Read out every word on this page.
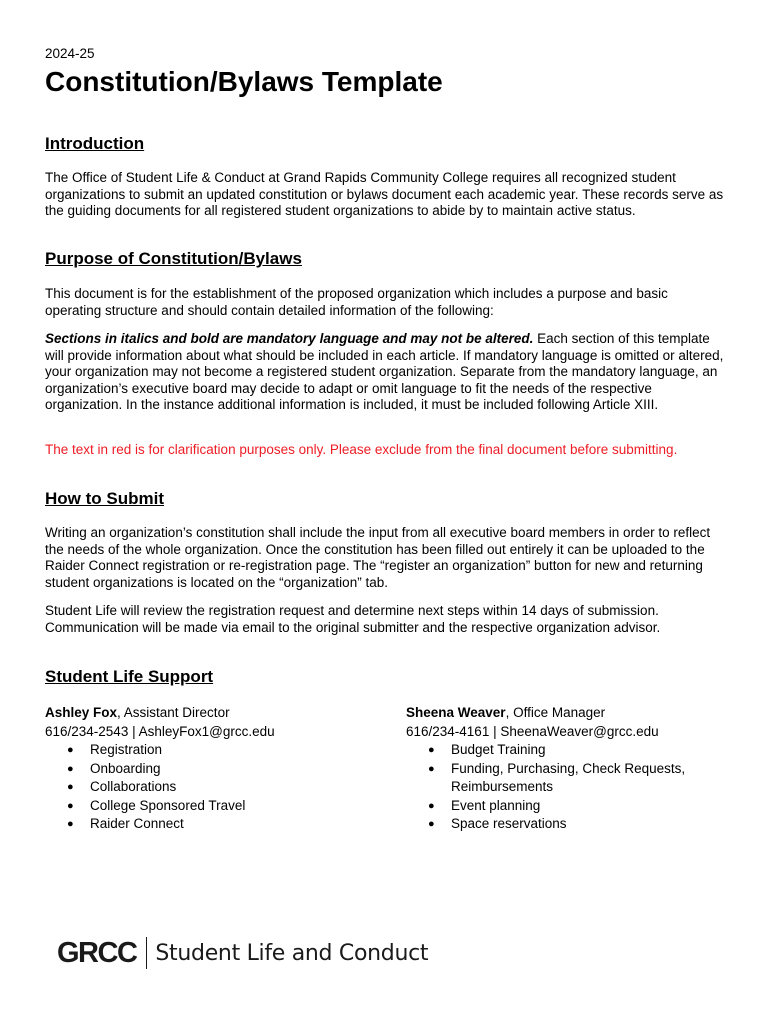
2024-25
Constitution/Bylaws Template
Introduction

The Office of Student Life & Conduct at Grand Rapids Community College requires all recognized student organizations to submit an updated constitution or bylaws document each academic year. These records serve as the guiding documents for all registered student organizations to abide by to maintain active status.

Purpose of Constitution/Bylaws

This document is for the establishment of the proposed organization which includes a purpose and basic operating structure and should contain detailed information of the following:

Sections in italics and bold are mandatory language and may not be altered. Each section of this template will provide information about what should be included in each article. If mandatory language is omitted or altered, your organization may not become a registered student organization. Separate from the mandatory language, an organization’s executive board may decide to adapt or omit language to fit the needs of the respective organization. In the instance additional information is included, it must be included following Article XIII.

The text in red is for clarification purposes only. Please exclude from the final document before submitting.

How to Submit

Writing an organization’s constitution shall include the input from all executive board members in order to reflect the needs of the whole organization. Once the constitution has been filled out entirely it can be uploaded to the Raider Connect registration or re-registration page. The “register an organization” button for new and returning student organizations is located on the “organization” tab.

Student Life will review the registration request and determine next steps within 14 days of submission. Communication will be made via email to the original submitter and the respective organization advisor.

Student Life Support
Ashley Fox, Assistant Director
616/234-2543 | AshleyFox1@grcc.edu
● Registration
● Onboarding
● Collaborations
● College Sponsored Travel
● Raider Connect
Sheena Weaver, Office Manager
616/234-4161 | SheenaWeaver@grcc.edu
● Budget Training
● Funding, Purchasing, Check Requests, Reimbursements
● Event planning
● Space reservations
GRCC Student Life and Conduct
